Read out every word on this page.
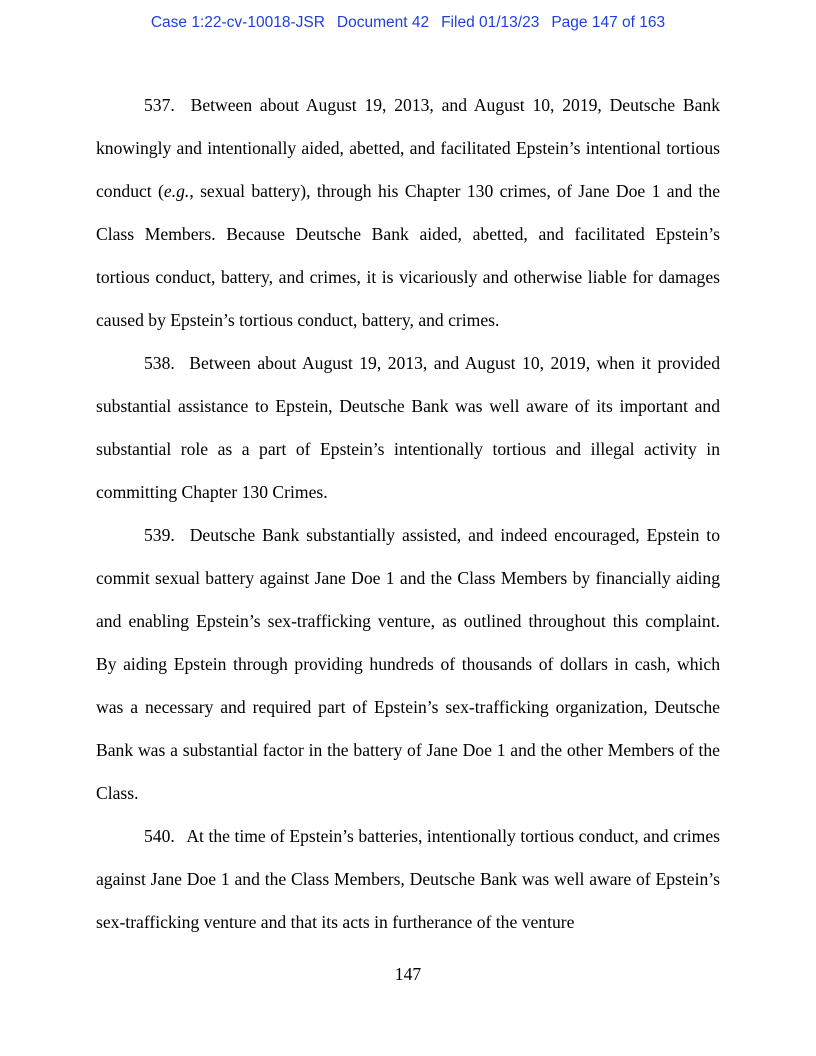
Case 1:22-cv-10018-JSR Document 42 Filed 01/13/23 Page 147 of 163

537. Between about August 19, 2013, and August 10, 2019, Deutsche Bank knowingly and intentionally aided, abetted, and facilitated Epstein’s intentional tortious conduct (e.g., sexual battery), through his Chapter 130 crimes, of Jane Doe 1 and the Class Members. Because Deutsche Bank aided, abetted, and facilitated Epstein’s tortious conduct, battery, and crimes, it is vicariously and otherwise liable for damages caused by Epstein’s tortious conduct, battery, and crimes.

538. Between about August 19, 2013, and August 10, 2019, when it provided substantial assistance to Epstein, Deutsche Bank was well aware of its important and substantial role as a part of Epstein’s intentionally tortious and illegal activity in committing Chapter 130 Crimes.

539. Deutsche Bank substantially assisted, and indeed encouraged, Epstein to commit sexual battery against Jane Doe 1 and the Class Members by financially aiding and enabling Epstein’s sex-trafficking venture, as outlined throughout this complaint. By aiding Epstein through providing hundreds of thousands of dollars in cash, which was a necessary and required part of Epstein’s sex-trafficking organization, Deutsche Bank was a substantial factor in the battery of Jane Doe 1 and the other Members of the Class.

540. At the time of Epstein’s batteries, intentionally tortious conduct, and crimes against Jane Doe 1 and the Class Members, Deutsche Bank was well aware of Epstein’s sex-trafficking venture and that its acts in furtherance of the venture

147
